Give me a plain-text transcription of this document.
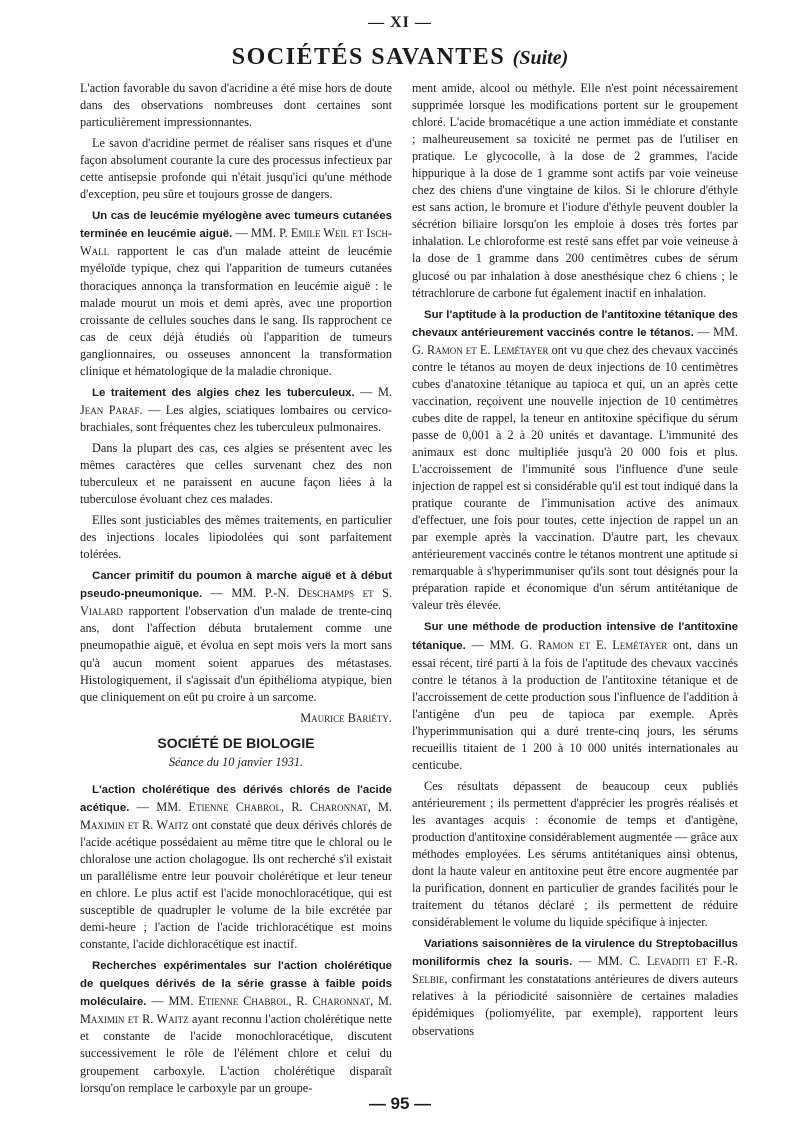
— XI —
SOCIÉTÉS SAVANTES (Suite)

L'action favorable du savon d'acridine a été mise hors de doute dans des observations nombreuses dont certaines sont particulièrement impressionnantes.

Le savon d'acridine permet de réaliser sans risques et d'une façon absolument courante la cure des processus infectieux par cette antisepsie profonde qui n'était jusqu'ici qu'une méthode d'exception, peu sûre et toujours grosse de dangers.

Un cas de leucémie myélogène avec tumeurs cutanées terminée en leucémie aiguë. — MM. P. Emile Weil et Isch-Wall rapportent le cas d'un malade atteint de leucémie myéloïde typique, chez qui l'apparition de tumeurs cutanées thoraciques annonça la transformation en leucémie aiguë : le malade mourut un mois et demi après, avec une proportion croissante de cellules souches dans le sang. Ils rapprochent ce cas de ceux déjà étudiés où l'apparition de tumeurs ganglionnaires, ou osseuses annoncent la transformation clinique et hématologique de la maladie chronique.

Le traitement des algies chez les tuberculeux. — M. Jean Paraf. — Les algies, sciatiques lombaires ou cervico-brachiales, sont fréquentes chez les tuberculeux pulmonaires.

Dans la plupart des cas, ces algies se présentent avec les mêmes caractères que celles survenant chez des non tuberculeux et ne paraissent en aucune façon liées à la tuberculose évoluant chez ces malades.

Elles sont justiciables des mêmes traitements, en particulier des injections locales lipiodolées qui sont parfaitement tolérées.

Cancer primitif du poumon à marche aiguë et à début pseudo-pneumonique. — MM. P.-N. Deschamps et S. Vialard rapportent l'observation d'un malade de trente-cinq ans, dont l'affection débuta brutalement comme une pneumopathie aiguë, et évolua en sept mois vers la mort sans qu'à aucun moment soient apparues des métastases. Histologiquement, il s'agissait d'un épithélioma atypique, bien que cliniquement on eût pu croire à un sarcome.

Maurice Bariéty.

SOCIÉTÉ DE BIOLOGIE
Séance du 10 janvier 1931.

L'action cholérétique des dérivés chlorés de l'acide acétique. — MM. Etienne Chabrol, R. Charonnat, M. Maximin et R. Waitz ont constaté que deux dérivés chlorés de l'acide acétique possédaient au même titre que le chloral ou le chloralose une action cholagogue. Ils ont recherché s'il existait un parallélisme entre leur pouvoir cholérétique et leur teneur en chlore. Le plus actif est l'acide monochloracétique, qui est susceptible de quadrupler le volume de la bile excrétée par demi-heure ; l'action de l'acide trichloracétique est moins constante, l'acide dichloracétique est inactif.

Recherches expérimentales sur l'action cholérétique de quelques dérivés de la série grasse à faible poids moléculaire. — MM. Etienne Chabrol, R. Charonnat, M. Maximin et R. Waitz ayant reconnu l'action cholérétique nette et constante de l'acide monochloracétique, discutent successivement le rôle de l'élément chlore et celui du groupement carboxyle. L'action cholérétique disparaît lorsqu'on remplace le carboxyle par un groupe-

ment amide, alcool ou méthyle. Elle n'est point nécessairement supprimée lorsque les modifications portent sur le groupement chloré. L'acide bromacétique a une action immédiate et constante ; malheureusement sa toxicité ne permet pas de l'utiliser en pratique. Le glycocolle, à la dose de 2 grammes, l'acide hippurique à la dose de 1 gramme sont actifs par voie veineuse chez des chiens d'une vingtaine de kilos. Si le chlorure d'éthyle est sans action, le bromure et l'iodure d'éthyle peuvent doubler la sécrétion biliaire lorsqu'on les emploie à doses très fortes par inhalation. Le chloroforme est resté sans effet par voie veineuse à la dose de 1 gramme dans 200 centimètres cubes de sérum glucosé ou par inhalation à dose anesthésique chez 6 chiens ; le tétrachlorure de carbone fut également inactif en inhalation.

Sur l'aptitude à la production de l'antitoxine tétanique des chevaux antérieurement vaccinés contre le tétanos. — MM. G. Ramon et E. Lemétayer ont vu que chez des chevaux vaccinés contre le tétanos au moyen de deux injections de 10 centimètres cubes d'anatoxine tétanique au tapioca et qui, un an après cette vaccination, reçoivent une nouvelle injection de 10 centimètres cubes dite de rappel, la teneur en antitoxine spécifique du sérum passe de 0,001 à 2 à 20 unités et davantage. L'immunité des animaux est donc multipliée jusqu'à 20 000 fois et plus. L'accroissement de l'immunité sous l'influence d'une seule injection de rappel est si considérable qu'il est tout indiqué dans la pratique courante de l'immunisation active des animaux d'effectuer, une fois pour toutes, cette injection de rappel un an par exemple après la vaccination. D'autre part, les chevaux antérieurement vaccinés contre le tétanos montrent une aptitude si remarquable à s'hyperimmuniser qu'ils sont tout désignés pour la préparation rapide et économique d'un sérum antitétanique de valeur très élevée.

Sur une méthode de production intensive de l'antitoxine tétanique. — MM. G. Ramon et E. Lemétayer ont, dans un essai récent, tiré parti à la fois de l'aptitude des chevaux vaccinés contre le tétanos à la production de l'antitoxine tétanique et de l'accroissement de cette production sous l'influence de l'addition à l'antigène d'un peu de tapioca par exemple. Après l'hyperimmunisation qui a duré trente-cinq jours, les sérums recueillis titaient de 1 200 à 10 000 unités internationales au centicube.

Ces résultats dépassent de beaucoup ceux publiés antérieurement ; ils permettent d'apprécier les progrès réalisés et les avantages acquis : économie de temps et d'antigène, production d'antitoxine considérablement augmentée — grâce aux méthodes employées. Les sérums antitétaniques ainsi obtenus, dont la haute valeur en antitoxine peut être encore augmentée par la purification, donnent en particulier de grandes facilités pour le traitement du tétanos déclaré ; ils permettent de réduire considérablement le volume du liquide spécifique à injecter.

Variations saisonnières de la virulence du Streptobacillus moniliformis chez la souris. — MM. C. Levaditi et F.-R. Selbie, confirmant les constatations antérieures de divers auteurs relatives à la périodicité saisonnière de certaines maladies épidémiques (poliomyélite, par exemple), rapportent leurs observations

— 95 —
